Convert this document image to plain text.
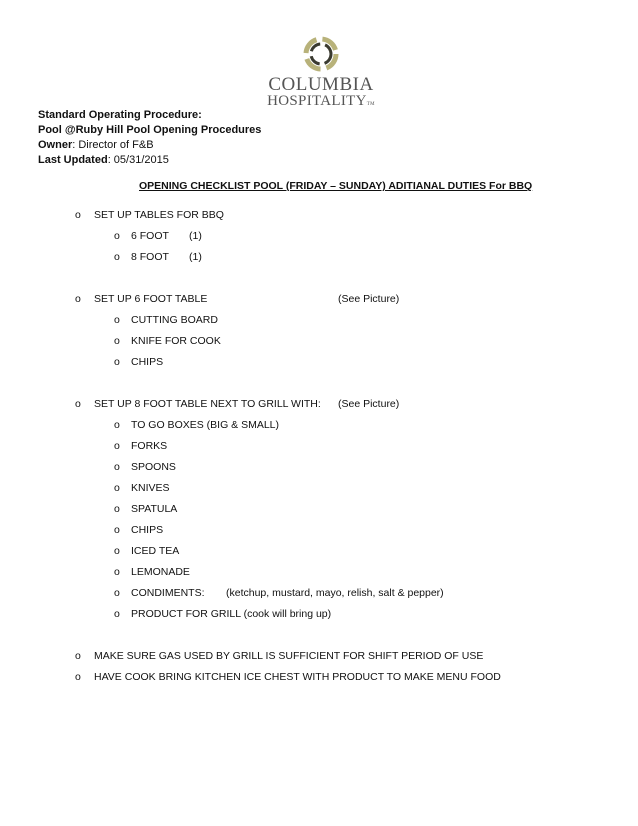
COLUMBIA
HOSPITALITYTM
Standard Operating Procedure:
Pool @Ruby Hill Pool Opening Procedures
Owner: Director of F&B
Last Updated: 05/31/2015
OPENING CHECKLIST POOL (FRIDAY – SUNDAY) ADITIANAL DUTIES For BBQ
o SET UP TABLES FOR BBQ
o 6 FOOT (1)
o 8 FOOT (1)
o SET UP 6 FOOT TABLE	(See Picture)
o CUTTING BOARD
o KNIFE FOR COOK
o CHIPS
o SET UP 8 FOOT TABLE NEXT TO GRILL WITH: (See Picture)
o TO GO BOXES (BIG & SMALL)
o FORKS
o SPOONS
o KNIVES
o SPATULA
o CHIPS
o ICED TEA
o LEMONADE
o CONDIMENTS: (ketchup, mustard, mayo, relish, salt & pepper)
o PRODUCT FOR GRILL (cook will bring up)
o MAKE SURE GAS USED BY GRILL IS SUFFICIENT FOR SHIFT PERIOD OF USE
o HAVE COOK BRING KITCHEN ICE CHEST WITH PRODUCT TO MAKE MENU FOOD
